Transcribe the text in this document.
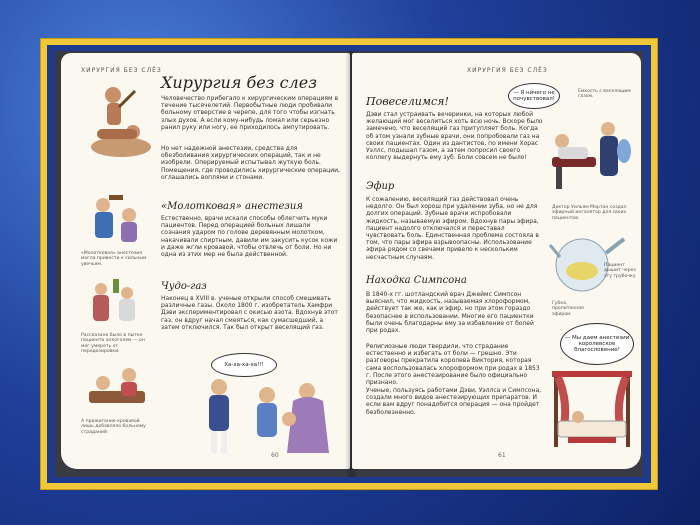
ХИРУРГИЯ БЕЗ СЛЁЗ
Хирургия без слез
Человечество прибегало к хирургическим операциям в течение тысячелетий. Первобытные люди пробивали больному отверстие в черепе, для того чтобы изгнать злых духов. А если кому-нибудь ломал или серьезно ранил руку или ногу, ее приходилось ампутировать.
Но нет надежной анестезии, средства для обезболивания хирургических операций, так и не изобрели. Оперируемый испытывал жуткую боль. Помещения, где проводились хирургические операции, оглашались воплями и стонами.
«Молотковая» анестезия могла привести к сильным увечьям.
«Молотковая» анестезия
Естественно, врачи искали способы облегчить муки пациентов. Перед операцией больных лишали сознания ударом по голове деревянным молотком, накачивали спиртным, давили им закусить кусок кожи и даже жгли кровавой, чтобы отвлечь от боли. Но ни одна из этих мер не была действенной.
Рассказано было в пытке пациента алкоголем — он мог умереть от передозировки.
Чудо-газ
Наконец в XVIII в. ученые открыли способ смешивать различные газы. Около 1800 г. изобретатель Хамфри Дэви экспериментировал с окисью азота. Вдохнув этот газ, он вдруг начал смеяться, как сумасшедший, а затем отключился. Так был открыт веселящий газ.
А прижигание кровавой лишь добавляло больному страданий.
Ха-ха-ха-ха!!!
60
ХИРУРГИЯ БЕЗ СЛЁЗ
Повеселимся!
Дэви стал устраивать вечеринки, на которых любой желающий мог веселиться хоть всю ночь. Вскоре было замечено, что веселящий газ притупляет боль. Когда об этом узнали зубные врачи, они попробовали газ на своих пациентах. Один из дантистов, по имени Хорас Уэллс, подышал газом, а затем попросил своего коллегу выдернуть ему зуб. Боли совсем не было!
— Я ничего не почувствовал!
Емкость с веселящим газом.
Эфир
К сожалению, веселящий газ действовал очень недолго. Он был хорош при удалении зуба, но не для долгих операций. Зубные врачи испробовали жидкость, называемую эфиром. Вдохнув пары эфира, пациент надолго отключался и переставал чувствовать боль. Единственная проблема состояла в том, что пары эфира взрывоопасны. Использование эфира рядом со свечами привело к нескольким несчастным случаям.
Доктор Уильям Мортон создал эфирный ингалятор для своих пациентов.
Пациент дышит через эту трубочку
Губка, пропитанная эфиром
Находка Симпсона
В 1840-х гг. шотландский врач Джеймс Симпсон выяснил, что жидкость, называемая хлороформом, действует так же, как и эфир, но при этом гораздо безопаснее в использовании. Многие его пациентки были очень благодарны ему за избавление от болей при родах.
Религиозные люди твердили, что страдание естественно и избегать от боли — грешно. Эти разговоры прекратила королева Виктория, которая сама воспользовалась хлороформом при родах в 1853 г. После этого анестезирование было официально признано.
Ученые, пользуясь работами Дэви, Уэллса и Симпсона, создали много видов анестезирующих препаратов. И если вам вдруг понадобится операция — она пройдет безболезненно.
— Мы даем анестезии королевское благословение!
61
